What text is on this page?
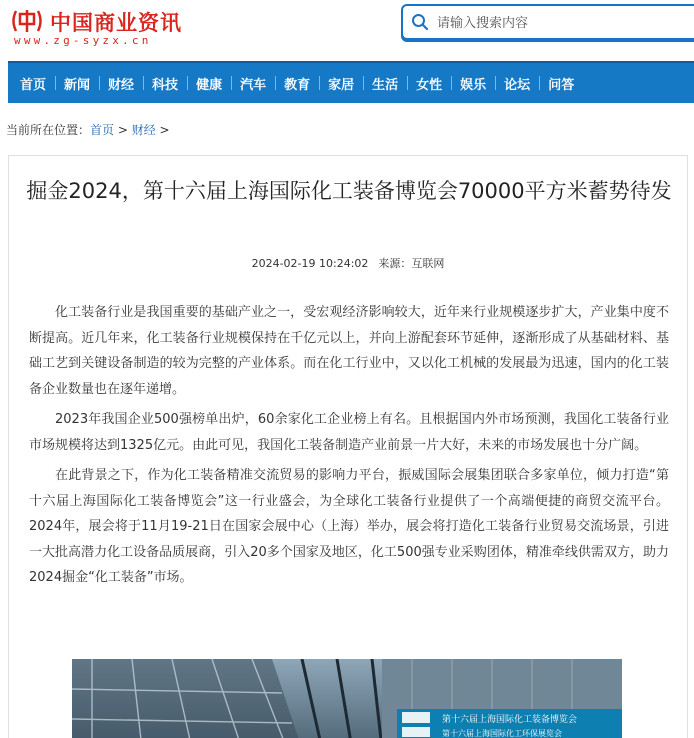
中国商业资讯
www.zg-syzx.cn
请输入搜索内容
首页	新闻	财经	科技	健康	汽车	教育	家居	生活	女性	娱乐	论坛	问答
当前所在位置：首页 > 财经 >
掘金2024，第十六届上海国际化工装备博览会70000平方米蓄势待发
2024-02-19 10:24:02 来源：互联网

化工装备行业是我国重要的基础产业之一，受宏观经济影响较大，近年来行业规模逐步扩大，产业集中度不断提高。近几年来，化工装备行业规模保持在千亿元以上，并向上游配套环节延伸，逐渐形成了从基础材料、基础工艺到关键设备制造的较为完整的产业体系。而在化工行业中，又以化工机械的发展最为迅速，国内的化工装备企业数量也在逐年递增。

2023年我国企业500强榜单出炉，60余家化工企业榜上有名。且根据国内外市场预测，我国化工装备行业市场规模将达到1325亿元。由此可见，我国化工装备制造产业前景一片大好，未来的市场发展也十分广阔。

在此背景之下，作为化工装备精准交流贸易的影响力平台，振威国际会展集团联合多家单位，倾力打造“第十六届上海国际化工装备博览会”这一行业盛会，为全球化工装备行业提供了一个高端便捷的商贸交流平台。2024年，展会将于11月19-21日在国家会展中心（上海）举办，展会将打造化工装备行业贸易交流场景，引进一大批高潜力化工设备品质展商，引入20多个国家及地区，化工500强专业采购团体，精准牵线供需双方，助力2024掘金“化工装备”市场。

第十六届上海国际化工装备博览会
第十六届上海国际化工环保展览会
